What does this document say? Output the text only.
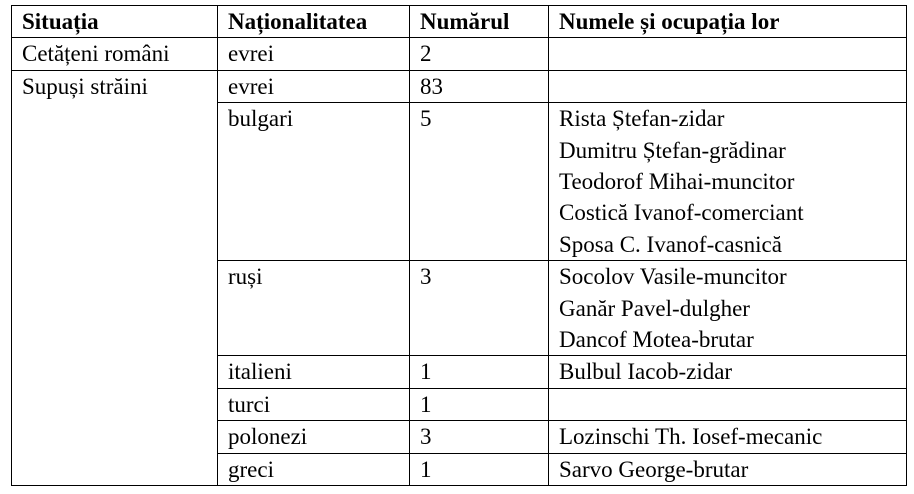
Situația	Naționalitatea	Numărul	Numele și ocupația lor
Cetățeni români	evrei	2	
Supuși străini	evrei	83	
	bulgari	5	Rista Ștefan-zidar
Dumitru Ștefan-grădinar
Teodorof Mihai-muncitor
Costică Ivanof-comerciant
Sposa C. Ivanof-casnică

	ruși	3	Socolov Vasile-muncitor
Ganăr Pavel-dulgher
Dancof Motea-brutar

	italieni	1	Bulbul Iacob-zidar

	turci	1	
	polonezi	3	Lozinschi Th. Iosef-mecanic

	greci	1	Sarvo George-brutar
